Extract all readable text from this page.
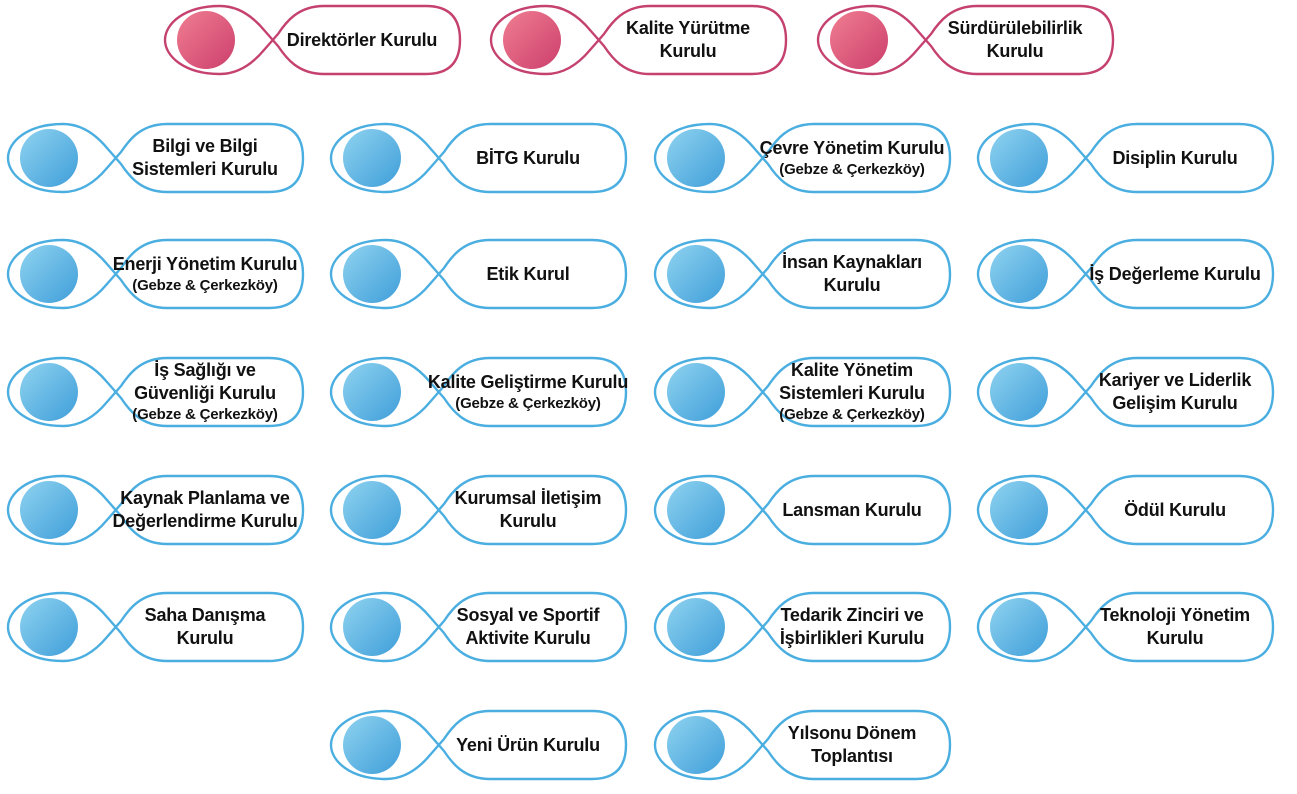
Direktörler Kurulu
Kalite Yürütme
Kurulu
Sürdürülebilirlik
Kurulu
Bilgi ve Bilgi
Sistemleri Kurulu
BİTG Kurulu	Çevre Yönetim Kurulu
(Gebze & Çerkezköy)
Disiplin Kurulu
Enerji Yönetim Kurulu
(Gebze & Çerkezköy)
Etik Kurul
İnsan Kaynakları
Kurulu
İş Değerleme Kurulu
İş Sağlığı ve
Güvenliği Kurulu
(Gebze & Çerkezköy)
Kalite Geliştirme Kurulu
(Gebze & Çerkezköy)
Kalite Yönetim
Sistemleri Kurulu
(Gebze & Çerkezköy)
Kariyer ve Liderlik
Gelişim Kurulu
Kaynak Planlama ve
Değerlendirme Kurulu
Kurumsal İletişim
Kurulu
Lansman Kurulu	Ödül Kurulu
Saha Danışma
Kurulu
Sosyal ve Sportif
Aktivite Kurulu
Tedarik Zinciri ve
İşbirlikleri Kurulu
Teknoloji Yönetim
Kurulu
Yeni Ürün Kurulu
Yılsonu Dönem
Toplantısı
